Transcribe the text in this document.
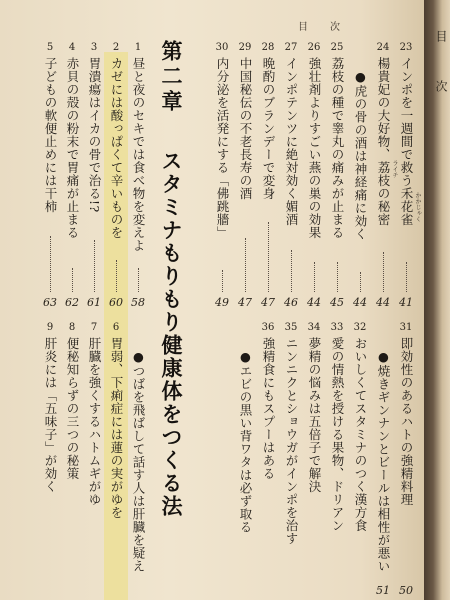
目　次
第二章
スタミナもりもり健康体をつくる法
23
インポを一週間で救う禾花雀 かかじゃく
24
楊貴妃の大好物、荔枝の秘密 ライチ
●虎の骨の酒は神経痛に効く
25
荔枝の種で睾丸の痛みが止まる
26
強壮剤よりすごい燕の巣の効果
27
インポテンツに絶対効く媚酒
28
晩酌のブランデーで変身
29
中国秘伝の不老長寿の酒
30
内分泌を活発にする「佛跳牆」
1
昼と夜のセキでは食べ物を変えよ
2
カゼには酸っぱくて辛いものを
3
胃潰瘍はイカの骨で治る!?
4
赤貝の殻の粉末で胃痛が止まる
5
子どもの軟便止めには干柿
41
44
44
45
44
46
47
47
49
58
60
61
62
63
31
即効性のあるハトの強精料理
●焼きギンナンとビールは相性が悪い
32
おいしくてスタミナのつく漢方食
33
愛の情熱を授ける果物、ドリアン
34
夢精の悩みは五倍子で解決
35
ニンニクとショウガがインポを治す
36
強精食にもスプーはある
●エビの黒い背ワタは必ず取る
●つばを飛ばして話す人は肝臓を疑え
6
胃弱、下痢症には蓮の実がゆを
7
肝臓を強くするハトムギがゆ
8
便秘知らずの三つの秘策
9
肝炎には「五味子」が効く
50
51
目
次
